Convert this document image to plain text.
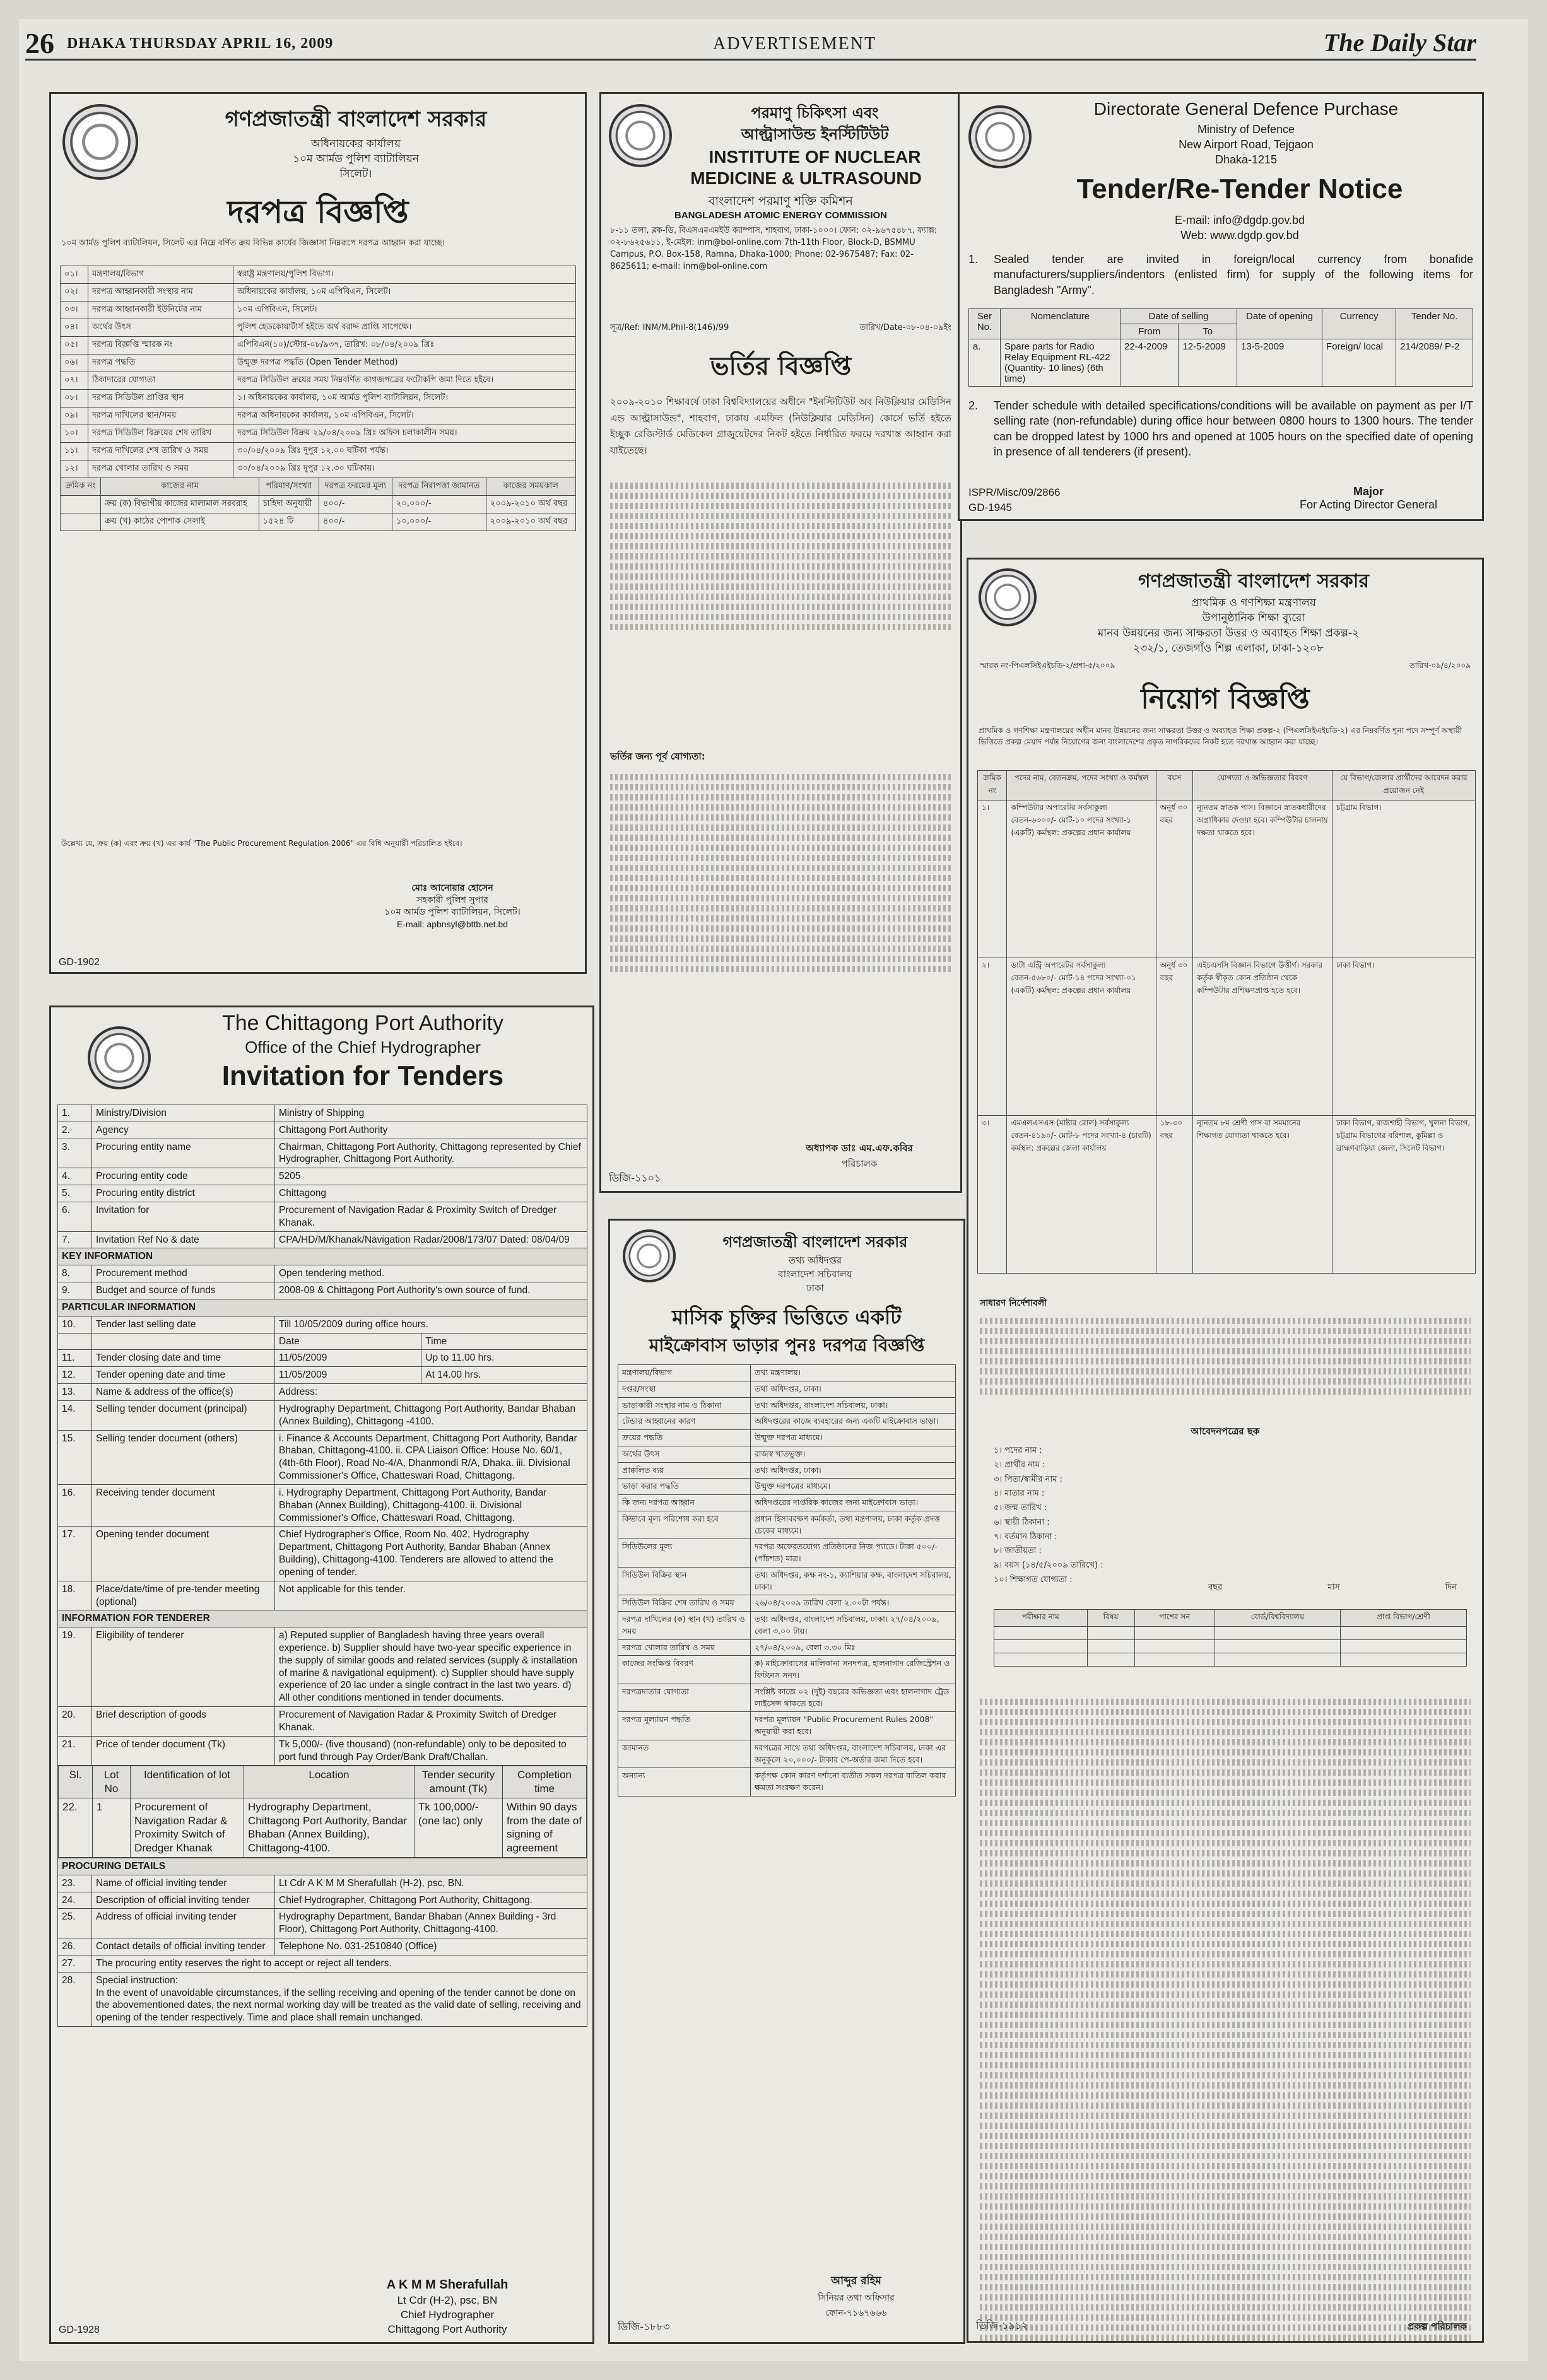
26 DHAKA THURSDAY APRIL 16, 2009	ADVERTISEMENT	The Daily Star
গণপ্রজাতন্ত্রী বাংলাদেশ সরকার
অধিনায়কের কার্যালয়
১০ম আর্মড পুলিশ ব্যাটালিয়ন
সিলেট।
দরপত্র বিজ্ঞপ্তি
১০ম আর্মড পুলিশ ব্যাটালিয়ন, সিলেট এর নিম্নে বর্ণিত ক্রয় বিভিন্ন কার্যের জিজ্ঞাসা নিম্নরূপে দরপত্র আহ্বান করা যাচ্ছে।
০১।	মন্ত্রণালয়/বিভাগ	স্বরাষ্ট্র মন্ত্রণালয়/পুলিশ বিভাগ।
০২।	দরপত্র আহ্বানকারী সংস্থার নাম	অধিনায়কের কার্যালয়, ১০ম এপিবিএন, সিলেট।
০৩।	দরপত্র আহ্বানকারী ইউনিটের নাম	১০ম এপিবিএন, সিলেট।
০৪।	অর্থের উৎস	পুলিশ হেডকোয়ার্টার্স হইতে অর্থ বরাদ্দ প্রাপ্তি সাপেক্ষে।
০৫।	দরপত্র বিজ্ঞপ্তি স্মারক নং	এপিবিএন(১০)/স্টোর-০৮/৯৩৭, তারিখ: ০৮/০৪/২০০৯ খ্রিঃ
০৬।	দরপত্র পদ্ধতি	উন্মুক্ত দরপত্র পদ্ধতি (Open Tender Method)
০৭।	ঠিকাদারের যোগ্যতা	দরপত্র সিডিউল ক্রয়ের সময় নিম্নবর্ণিত কাগজপত্রের ফটোকপি জমা দিতে হইবে।
০৮।	দরপত্র সিডিউল প্রাপ্তির স্থান	১। অধিনায়কের কার্যালয়, ১০ম আর্মড পুলিশ ব্যাটালিয়ন, সিলেট।
০৯।	দরপত্র দাখিলের স্থান/সময়	দরপত্র অধিনায়কের কার্যালয়, ১০ম এপিবিএন, সিলেট।
১০।	দরপত্র সিডিউল বিক্রয়ের শেষ তারিখ	দরপত্র সিডিউল বিক্রয় ২৯/০৪/২০০৯ খ্রিঃ অফিস চলাকালীন সময়।
১১।	দরপত্র দাখিলের শেষ তারিখ ও সময়	৩০/০৪/২০০৯ খ্রিঃ দুপুর ১২.০০ ঘটিকা পর্যন্ত।
১২।	দরপত্র খোলার তারিখ ও সময়	৩০/০৪/২০০৯ খ্রিঃ দুপুর ১২.৩০ ঘটিকায়।
ক্রমিক নং	কাজের নাম	পরিমাণ/সংখ্যা	দরপত্র ফরমের মূল্য	দরপত্র নিরাপত্তা জামানত	কাজের সময়কাল
	ক্রয় (ক) বিভাগীয় কাজের মালামাল সরবরাহ	চাহিদা অনুযায়ী	৪০০/-	২০,০০০/-	২০০৯-২০১০ অর্থ বছর
	ক্রয় (খ) কাঠের পোশাক সেলাই	১৫২৪ টি	৪০০/-	১০,০০০/-	২০০৯-২০১০ অর্থ বছর
উল্লেখ্য যে, ক্রয় (ক) এবং ক্রয় (খ) এর কার্য "The Public Procurement Regulation 2006" এর বিধি অনুযায়ী পরিচালিত হইবে।
মোঃ আনোয়ার হোসেন
সহকারী পুলিশ সুপার
১০ম আর্মড পুলিশ ব্যাটালিয়ন, সিলেট।
E-mail: apbnsyl@bttb.net.bd
GD-1902
পরমাণু চিকিৎসা এবং
আল্ট্রাসাউন্ড ইনস্টিটিউট
INSTITUTE OF NUCLEAR
MEDICINE & ULTRASOUND
বাংলাদেশ পরমাণু শক্তি কমিশন
BANGLADESH ATOMIC ENERGY COMMISSION
৮-১১ তলা, ব্লক-ডি, বিএসএমএমইউ ক্যাম্পাস, শাহবাগ, ঢাকা-১০০০। ফোন: ০২-৯৬৭৫৪৮৭, ফ্যাক্স: ০২-৮৬২৫৬১১, ই-মেইল: inm@bol-online.com 7th-11th Floor, Block-D, BSMMU Campus, P.O. Box-158, Ramna, Dhaka-1000; Phone: 02-9675487; Fax: 02-8625611; e-mail: inm@bol-online.com
সূত্র/Ref: INM/M.Phil-8(146)/99	তারিখ/Date-০৮-০৪-০৯ইং
ভর্তির বিজ্ঞপ্তি
২০০৯-২০১০ শিক্ষাবর্ষে ঢাকা বিশ্ববিদ্যালয়ের অধীনে "ইনস্টিটিউট অব নিউক্লিয়ার মেডিসিন এন্ড আল্ট্রাসাউন্ড", শাহবাগ, ঢাকায় এমফিল (নিউক্লিয়ার মেডিসিন) কোর্সে ভর্তি হইতে ইচ্ছুক রেজিস্টার্ড মেডিকেল গ্রাজুয়েটদের নিকট হইতে নির্ধারিত ফরমে দরখাস্ত আহ্বান করা যাইতেছে।
ভর্তির জন্য পূর্ব যোগ্যতা:
অধ্যাপক ডাঃ এম.এফ.কবির
পরিচালক
ডিজি-১১০১
Directorate General Defence Purchase
Ministry of Defence
New Airport Road, Tejgaon
Dhaka-1215
Tender/Re-Tender Notice
E-mail: info@dgdp.gov.bd
Web: www.dgdp.gov.bd
1. Sealed tender are invited in foreign/local currency from bonafide manufacturers/suppliers/indentors (enlisted firm) for supply of the following items for Bangladesh "Army".
Ser No.	Nomenclature	Date of selling		Date of opening	Currency	Tender No.
		From	To			
a.	Spare parts for Radio Relay Equipment RL-422 (Quantity- 10 lines) (6th time)	22-4-2009	12-5-2009	13-5-2009	Foreign/ local	214/2089/ P-2
2. Tender schedule with detailed specifications/conditions will be available on payment as per I/T selling rate (non-refundable) during office hour between 0800 hours to 1300 hours. The tender can be dropped latest by 1000 hrs and opened at 1005 hours on the specified date of opening in presence of all tenderers (if present).
ISPR/Misc/09/2866
GD-1945
Major
For Acting Director General
গণপ্রজাতন্ত্রী বাংলাদেশ সরকার
প্রাথমিক ও গণশিক্ষা মন্ত্রণালয়
উপানুষ্ঠানিক শিক্ষা ব্যুরো
মানব উন্নয়নের জন্য সাক্ষরতা উত্তর ও অব্যাহত শিক্ষা প্রকল্প-২
২৩২/১, তেজগাঁও শিল্প এলাকা, ঢাকা-১২০৮
স্মারক নং-পিএলসিইএইচডি-২/প্রশা-৫/২০০৯	তারিখ-০৯/৪/২০০৯
নিয়োগ বিজ্ঞপ্তি
প্রাথমিক ও গণশিক্ষা মন্ত্রণালয়ের অধীন মানব উন্নয়নের জন্য সাক্ষরতা উত্তর ও অব্যাহত শিক্ষা প্রকল্প-২ (পিএলসিইএইচডি-২) এর নিম্নবর্ণিত শূন্য পদে সম্পূর্ণ অস্থায়ী ভিত্তিতে প্রকল্প মেয়াদ পর্যন্ত নিয়োগের জন্য বাংলাদেশের প্রকৃত নাগরিকদের নিকট হতে দরখাস্ত আহ্বান করা যাচ্ছে।
ক্রমিক নং	পদের নাম, বেতনক্রম, পদের সংখ্যা ও কর্মস্থল	বয়স	যোগ্যতা ও অভিজ্ঞতার বিবরণ	যে বিভাগ/জেলার প্রার্থীদের আবেদন করার প্রয়োজন নেই
১।	কম্পিউটার অপারেটর সর্বসাকুল্য বেতন-৬৩০০/- মোট-১০ পদের সংখ্যা-১ (একটি) কর্মস্থল: প্রকল্পের প্রধান কার্যালয়	অনূর্ধ ৩০ বছর	ন্যূনতম স্নাতক পাস। বিজ্ঞানে স্নাতকধারীদের অগ্রাধিকার দেওয়া হবে। কম্পিউটার চালনায় দক্ষতা থাকতে হবে।	চট্টগ্রাম বিভাগ।
২।	ডাটা এন্ট্রি অপারেটর সর্বসাকুল্য বেতন-৫৬৮০/- মোট-১৪ পদের সংখ্যা-০১ (একটি) কর্মস্থল: প্রকল্পের প্রধান কার্যালয়	অনূর্ধ ৩০ বছর	এইচএসসি বিজ্ঞান বিভাগে উত্তীর্ণ। সরকার কর্তৃক স্বীকৃত কোন প্রতিষ্ঠান থেকে কম্পিউটার প্রশিক্ষণপ্রাপ্ত হতে হবে।	ঢাকা বিভাগ।
৩।	এমএলএসএস (মাষ্টার রোল) সর্বসাকুল্য বেতন-৪১৯০/- মোট-৮ পদের সংখ্যা-৪ (চারটি) কর্মস্থল: প্রকল্পের জেলা কার্যালয়	১৮-৩০ বছর	ন্যূনতম ৮ম শ্রেণী পাস বা সমমানের শিক্ষাগত যোগ্যতা থাকতে হবে।	ঢাকা বিভাগ, রাজশাহী বিভাগ, খুলনা বিভাগ, চট্টগ্রাম বিভাগের বরিশাল, কুমিল্লা ও ব্রাহ্মণবাড়িয়া জেলা, সিলেট বিভাগ।
সাধারণ নির্দেশাবলী
আবেদনপত্রের ছক
১। পদের নাম :
২। প্রার্থীর নাম :
৩। পিতা/স্বামীর নাম :
৪। মাতার নাম :
৫। জন্ম তারিখ :
৬। স্থায়ী ঠিকানা :
৭। বর্তমান ঠিকানা :
৮। জাতীয়তা :
৯। বয়স (১৪/৫/২০০৯ তারিখে) :
১০। শিক্ষাগত যোগ্যতা :
বছর	মাস	দিন
পরীক্ষার নাম	বিষয়	পাশের সন	বোর্ড/বিশ্ববিদ্যালয়	প্রাপ্ত বিভাগ/শ্রেণী

প্রকল্প পরিচালক
ডিজি-১৯১২
গণপ্রজাতন্ত্রী বাংলাদেশ সরকার
তথ্য অধিদপ্তর
বাংলাদেশ সচিবালয়
ঢাকা
মাসিক চুক্তির ভিত্তিতে একটি
মাইক্রোবাস ভাড়ার পুনঃ দরপত্র বিজ্ঞপ্তি
মন্ত্রণালয়/বিভাগ	তথ্য মন্ত্রণালয়।
দপ্তর/সংস্থা	তথ্য অধিদপ্তর, ঢাকা।
ভাড়াকারী সংস্থার নাম ও ঠিকানা	তথ্য অধিদপ্তর, বাংলাদেশ সচিবালয়, ঢাকা।
টেন্ডার আহ্বানের কারণ	অধিদপ্তরের কাজে ব্যবহারের জন্য একটি মাইক্রোবাস ভাড়া।
ক্রয়ের পদ্ধতি	উন্মুক্ত দরপত্র মাধ্যমে।
অর্থের উৎস	রাজস্ব খাতভুক্ত।
প্রাক্কলিত ব্যয়	তথ্য অধিদপ্তর, ঢাকা।
ভাড়া করার পদ্ধতি	উন্মুক্ত দরপত্রের মাধ্যমে।
কি জন্য দরপত্র আহ্বান	অধিদপ্তরের দাপ্তরিক কাজের জন্য মাইক্রোবাস ভাড়া।
কিভাবে মূল্য পরিশোধ করা হবে	প্রধান হিসাবরক্ষণ কর্মকর্তা, তথ্য মন্ত্রণালয়, ঢাকা কর্তৃক প্রদত্ত চেকের মাধ্যমে।
সিডিউলের মূল্য	দরপত্র অফেরতযোগ্য প্রতিষ্ঠানের নিজ প্যাডে। টাকা ৫০০/- (পাঁচশত) মাত্র।
সিডিউল বিক্রির স্থান	তথ্য অধিদপ্তর, কক্ষ নং-১, ক্যাশিয়ার কক্ষ, বাংলাদেশ সচিবালয়, ঢাকা।
সিডিউল বিক্রির শেষ তারিখ ও সময়	২৬/০৪/২০০৯ তারিখ বেলা ২.০০টা পর্যন্ত।
দরপত্র দাখিলের (ক) স্থান (খ) তারিখ ও সময়	তথ্য অধিদপ্তর, বাংলাদেশ সচিবালয়, ঢাকা। ২৭/০৪/২০০৯, বেলা ৩.০০ টায়।
দরপত্র খোলার তারিখ ও সময়	২৭/০৪/২০০৯, বেলা ৩.৩০ মিঃ
কাজের সংক্ষিপ্ত বিবরণ	ক) মাইক্রোবাসের মালিকানা সনদপত্র, হালনাগাদ রেজিস্ট্রেশন ও ফিটনেস সনদ।
দরপত্রদাতার যোগ্যতা	সংশ্লিষ্ট কাজে ০২ (দুই) বছরের অভিজ্ঞতা এবং হালনাগাদ ট্রেড লাইসেন্স থাকতে হবে।
দরপত্র মূল্যায়ন পদ্ধতি	দরপত্র মূল্যায়ন "Public Procurement Rules 2008" অনুযায়ী করা হবে।
জামানত	দরপত্রের সাথে তথ্য অধিদপ্তর, বাংলাদেশ সচিবালয়, ঢাকা এর অনুকূলে ২০,০০০/- টাকার পে-অর্ডার জমা দিতে হবে।
অন্যান্য	কর্তৃপক্ষ কোন কারণ দর্শানো ব্যতীত সকল দরপত্র বাতিল করার ক্ষমতা সংরক্ষণ করেন।
আব্দুর রহিম
সিনিয়র তথ্য অফিসার
ফোন-৭১৬৭৬৬৬
ডিজি-১৮৮৩
The Chittagong Port Authority
Office of the Chief Hydrographer
Invitation for Tenders
1.	Ministry/Division	Ministry of Shipping
2.	Agency	Chittagong Port Authority
3.	Procuring entity name	Chairman, Chittagong Port Authority, Chittagong represented by Chief Hydrographer, Chittagong Port Authority.
4.	Procuring entity code	5205
5.	Procuring entity district	Chittagong
6.	Invitation for	Procurement of Navigation Radar & Proximity Switch of Dredger Khanak.
7.	Invitation Ref No & date	CPA/HD/M/Khanak/Navigation Radar/2008/173/07 Dated: 08/04/09
KEY INFORMATION
8.	Procurement method	Open tendering method.
9.	Budget and source of funds	2008-09 & Chittagong Port Authority's own source of fund.
PARTICULAR INFORMATION
10.	Tender last selling date	Till 10/05/2009 during office hours.
		Date	Time
11.	Tender closing date and time	11/05/2009	Up to 11.00 hrs.
12.	Tender opening date and time	11/05/2009	At 14.00 hrs.
13.	Name & address of the office(s)	Address:
14.	Selling tender document (principal)	Hydrography Department, Chittagong Port Authority, Bandar Bhaban (Annex Building), Chittagong -4100.
15.	Selling tender document (others)	i. Finance & Accounts Department, Chittagong Port Authority, Bandar Bhaban, Chittagong-4100. ii. CPA Liaison Office: House No. 60/1, (4th-6th Floor), Road No-4/A, Dhanmondi R/A, Dhaka. iii. Divisional Commissioner's Office, Chatteswari Road, Chittagong.
16.	Receiving tender document	i. Hydrography Department, Chittagong Port Authority, Bandar Bhaban (Annex Building), Chittagong-4100. ii. Divisional Commissioner's Office, Chatteswari Road, Chittagong.
17.	Opening tender document	Chief Hydrographer's Office, Room No. 402, Hydrography Department, Chittagong Port Authority, Bandar Bhaban (Annex Building), Chittagong-4100. Tenderers are allowed to attend the opening of tender.
18.	Place/date/time of pre-tender meeting (optional)	Not applicable for this tender.
INFORMATION FOR TENDERER
19.	Eligibility of tenderer	a) Reputed supplier of Bangladesh having three years overall experience. b) Supplier should have two-year specific experience in the supply of similar goods and related services (supply & installation of marine & navigational equipment). c) Supplier should have supply experience of 20 lac under a single contract in the last two years. d) All other conditions mentioned in tender documents.
20.	Brief description of goods	Procurement of Navigation Radar & Proximity Switch of Dredger Khanak.
21.	Price of tender document (Tk)	Tk 5,000/- (five thousand) (non-refundable) only to be deposited to port fund through Pay Order/Bank Draft/Challan.

Sl.	Lot No	Identification of lot	Location	Tender security amount (Tk)	Completion time
22.	1	Procurement of Navigation Radar & Proximity Switch of Dredger Khanak	Hydrography Department, Chittagong Port Authority, Bandar Bhaban (Annex Building), Chittagong-4100.	Tk 100,000/- (one lac) only	Within 90 days from the date of signing of agreement

PROCURING DETAILS
23.	Name of official inviting tender	Lt Cdr A K M M Sherafullah (H-2), psc, BN.
24.	Description of official inviting tender	Chief Hydrographer, Chittagong Port Authority, Chittagong.
25.	Address of official inviting tender	Hydrography Department, Bandar Bhaban (Annex Building - 3rd Floor), Chittagong Port Authority, Chittagong-4100.
26.	Contact details of official inviting tender	Telephone No. 031-2510840 (Office)
27.	The procuring entity reserves the right to accept or reject all tenders.
28.	Special instruction:
In the event of unavoidable circumstances, if the selling receiving and opening of the tender cannot be done on the abovementioned dates, the next normal working day will be treated as the valid date of selling, receiving and opening of the tender respectively. Time and place shall remain unchanged.
A K M M Sherafullah
Lt Cdr (H-2), psc, BN
Chief Hydrographer
Chittagong Port Authority
GD-1928
